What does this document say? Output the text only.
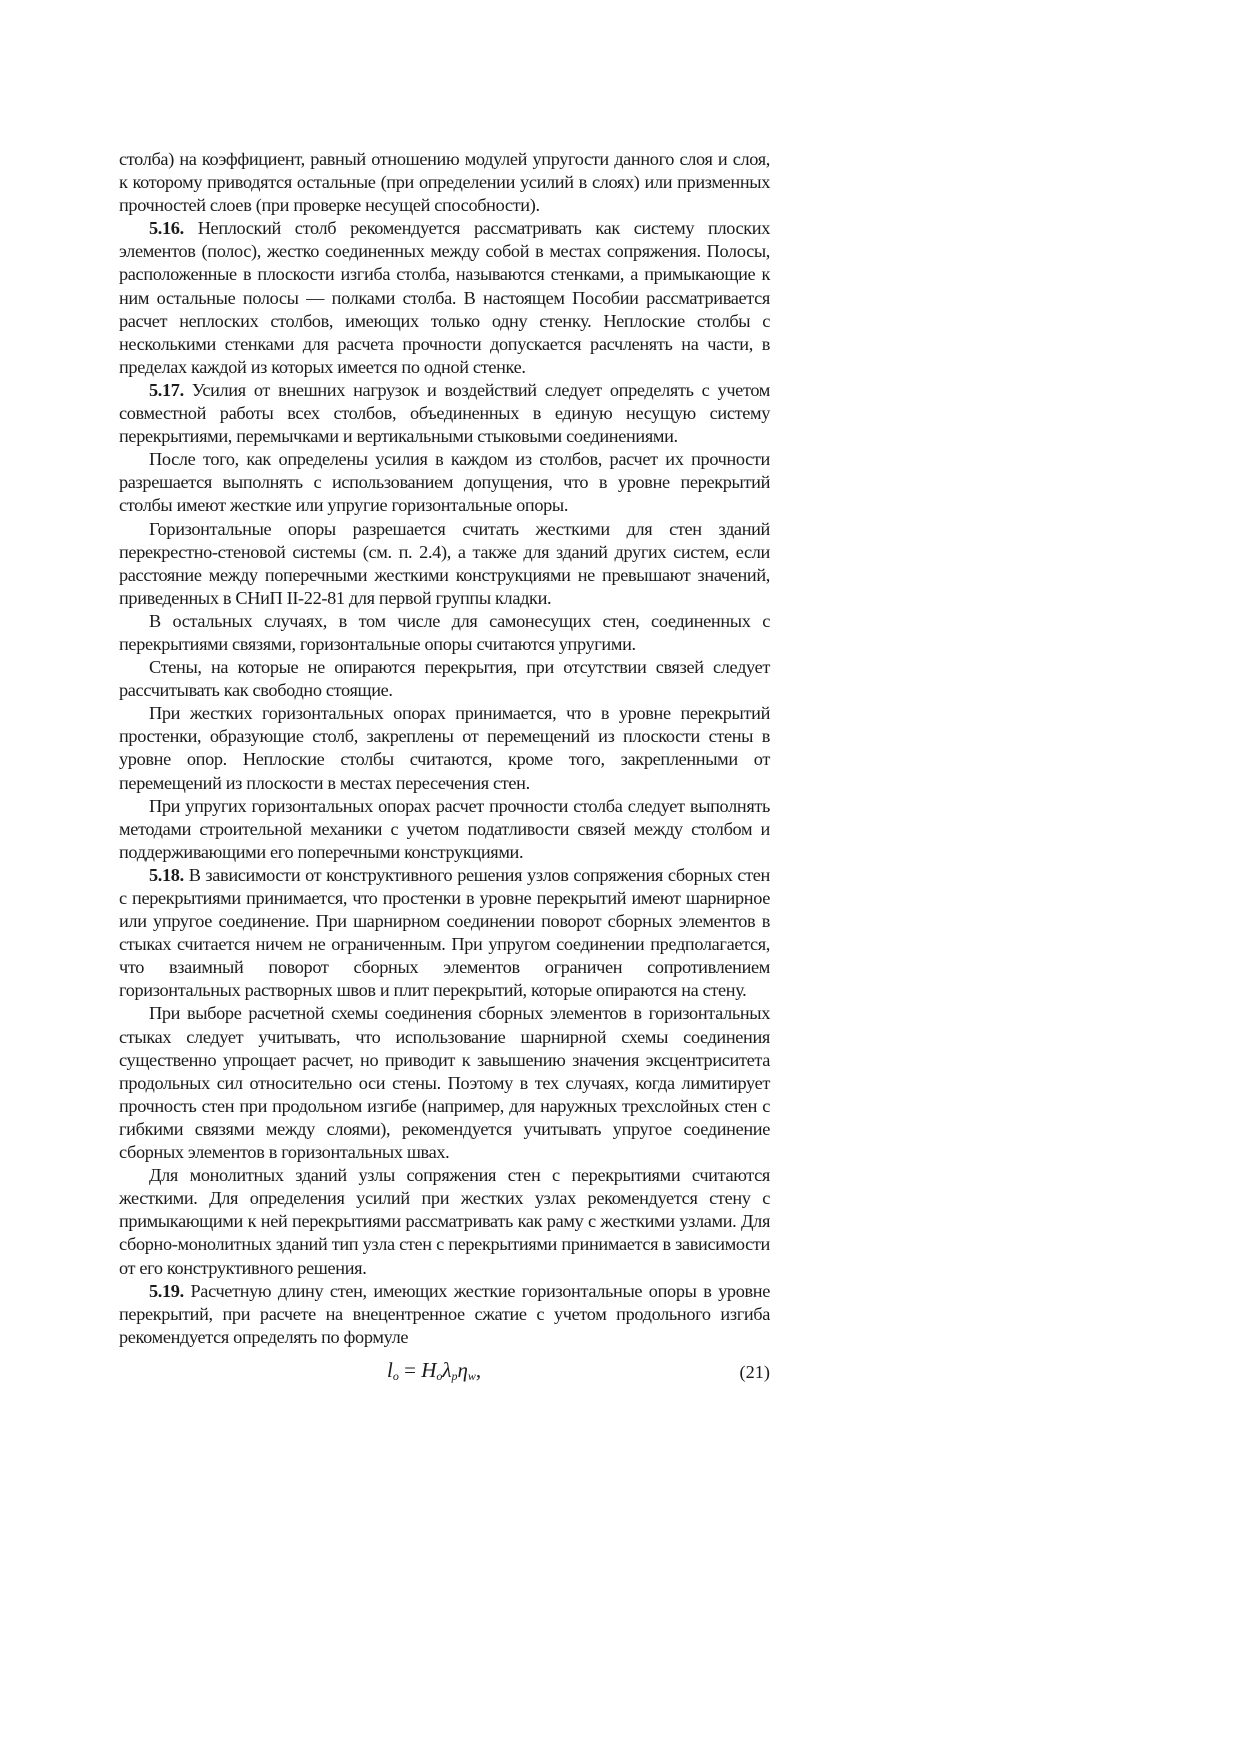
столба) на коэффициент, равный отношению модулей упругости данного слоя и слоя, к которому приводятся остальные (при определении усилий в слоях) или призменных прочностей слоев (при проверке несущей способности).

5.16. Неплоский столб рекомендуется рассматривать как систему плоских элементов (полос), жестко соединенных между собой в местах сопряжения. Полосы, расположенные в плоскости изгиба столба, называются стенками, а примыкающие к ним остальные полосы — полками столба. В настоящем Пособии рассматривается расчет неплоских столбов, имеющих только одну стенку. Неплоские столбы с несколькими стенками для расчета прочности допускается расчленять на части, в пределах каждой из которых имеется по одной стенке.

5.17. Усилия от внешних нагрузок и воздействий следует определять с учетом совместной работы всех столбов, объединенных в единую несущую систему перекрытиями, перемычками и вертикальными стыковыми соединениями.

После того, как определены усилия в каждом из столбов, расчет их прочности разрешается выполнять с использованием допущения, что в уровне перекрытий столбы имеют жесткие или упругие горизонтальные опоры.

Горизонтальные опоры разрешается считать жесткими для стен зданий перекрестно-стеновой системы (см. п. 2.4), а также для зданий других систем, если расстояние между поперечными жесткими конструкциями не превышают значений, приведенных в СНиП II-22-81 для первой группы кладки.

В остальных случаях, в том числе для самонесущих стен, соединенных с перекрытиями связями, горизонтальные опоры считаются упругими.

Стены, на которые не опираются перекрытия, при отсутствии связей следует рассчитывать как свободно стоящие.

При жестких горизонтальных опорах принимается, что в уровне перекрытий простенки, образующие столб, закреплены от перемещений из плоскости стены в уровне опор. Неплоские столбы считаются, кроме того, закрепленными от перемещений из плоскости в местах пересечения стен.

При упругих горизонтальных опорах расчет прочности столба следует выполнять методами строительной механики с учетом податливости связей между столбом и поддерживающими его поперечными конструкциями.

5.18. В зависимости от конструктивного решения узлов сопряжения сборных стен с перекрытиями принимается, что простенки в уровне перекрытий имеют шарнирное или упругое соединение. При шарнирном соединении поворот сборных элементов в стыках считается ничем не ограниченным. При упругом соединении предполагается, что взаимный поворот сборных элементов ограничен сопротивлением горизонтальных растворных швов и плит перекрытий, которые опираются на стену.

При выборе расчетной схемы соединения сборных элементов в горизонтальных стыках следует учитывать, что использование шарнирной схемы соединения существенно упрощает расчет, но приводит к завышению значения эксцентриситета продольных сил относительно оси стены. Поэтому в тех случаях, когда лимитирует прочность стен при продольном изгибе (например, для наружных трехслойных стен с гибкими связями между слоями), рекомендуется учитывать упругое соединение сборных элементов в горизонтальных швах.

Для монолитных зданий узлы сопряжения стен с перекрытиями считаются жесткими. Для определения усилий при жестких узлах рекомендуется стену с примыкающими к ней перекрытиями рассматривать как раму с жесткими узлами. Для сборно-монолитных зданий тип узла стен с перекрытиями принимается в зависимости от его конструктивного решения.

5.19. Расчетную длину стен, имеющих жесткие горизонтальные опоры в уровне перекрытий, при расчете на внецентренное сжатие с учетом продольного изгиба рекомендуется определять по формуле

$l_o = H_o\lambda_p\eta_w$,	(21)
